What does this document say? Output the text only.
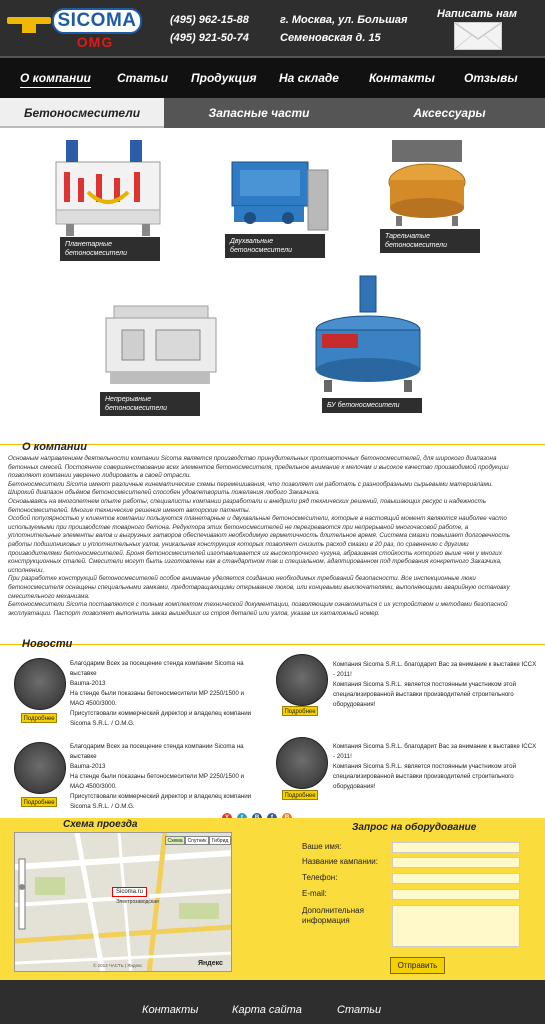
SICOMA
OMG
(495) 962-15-88
(495) 921-50-74
г. Москва, ул. Большая
Семеновская д. 15
Написать нам
О компании Статьи Продукция На складе	Контакты Отзывы
Бетоносмесители	Запасные части	Аксессуары
Планетарные
бетоносмесители
Двухвальные
бетоносмесители
Тарельчатые
бетоносмесители
Непрерывные
бетоносмесители	БУ бетоносмесители
О компании

Основным направлением деятельности компании Sicoma является производство принудительных противоточных бетоносмесителей, для широкого диапазона бетонных смесей. Постоянное совершенствование всех элементов бетоносмесителя, предельное внимание к мелочам и высокое качество производимой продукции позволяют компании уверенно лидировать в своей отрасли.

Бетоносмесители Sicoma имеют различные кинематические схемы перемешивания, что позволяет им работать с разнообразными сырьевыми материалами. Широкий диапазон объёмов бетоносмесителей способен удовлетворить пожелания любого Заказчика.

Основываясь на многолетнем опыте работы, специалисты компании разработали и внедрили ряд технических решений, повышающих ресурс и надежность бетоносмесителей. Многие технические решения имеют авторские патенты.

Особой популярностью у клиентов компании пользуются планетарные и двухвальные бетоносмесители, которые в настоящий момент являются наиболее часто используемыми при производстве товарного бетона. Редуктора этих бетоносмесителей не перегреваются при непрерывной многочасовой работе, а уплотнительные элементы валов и выгрузных затворов обеспечивают необходимую герметичность длительное время. Система смазки повышает долговечность работы подшипниковых и уплотнительных узлов, уникальная конструкция которых позволяет снизить расход смазки в 20 раз, по сравнению с другими производителями бетоносмесителей. Броня бетоносмесителей изготавливается из высокопрочного чугуна, абразивная стойкость которого выше чем у многих конструкционных сталей. Смесители могут быть изготовлены как в стандартном так и специальном, адаптированном под требования конкретного Заказчика, исполнении.

При разработке конструкций бетоносмесителей особое внимание уделяется созданию необходимых требований безопасности. Все инспекционные люки бетоносмесителя оснащены специальными замками, предотвращающими открывание люков, или концевыми выключателями, выполняющими аварийную остановку смесительного механизма.

Бетоносмесители Sicoma поставляются с полным комплектом технической документации, позволяющим ознакомиться с их устройством и методами безопасной эксплуатации. Паспорт позволяет выполнить заказ вышедших из строя деталей или узлов, указав их каталожный номер.

Новости
Подробнее

Благодарим Всех за посещение стенда компании Sicoma на выставке

Bauma-2013

На стенде были показаны бетоносмесители MP 2250/1500 и

MAO 4500/3000.

Присутствовали коммерческий директор и владелец компании

Sicoma S.R.L. / O.M.G.

Подробнее

Компания Sicoma S.R.L. благодарит Вас за внимание к выставке ICCX - 2011!

Компания Sicoma S.R.L. является постоянным участником этой

специализированной выставки производителей строительного оборудования!

Подробнее

Благодарим Всех за посещение стенда компании Sicoma на выставке

Bauma-2013

На стенде были показаны бетоносмесители MP 2250/1500 и

MAO 4500/3000.

Присутствовали коммерческий директор и владелец компании

Sicoma S.R.L. / O.M.G.

Подробнее

Компания Sicoma S.R.L. благодарит Вас за внимание к выставке ICCX - 2011!

Компания Sicoma S.R.L. является постоянным участником этой

специализированной выставки производителей строительного оборудования!

Схема проезда	Запрос на оборудование
Схема	Спутник	Гибрид
Sicoma.ru
Электрозаводская
© 2013 ЧАСТЬ | Яндекс	Яндекс
Ваше имя:
Название кампании:
Телефон:
E-mail:
Дополнительная
информация
Отправить
Контакты	Карта сайта	Статьи
